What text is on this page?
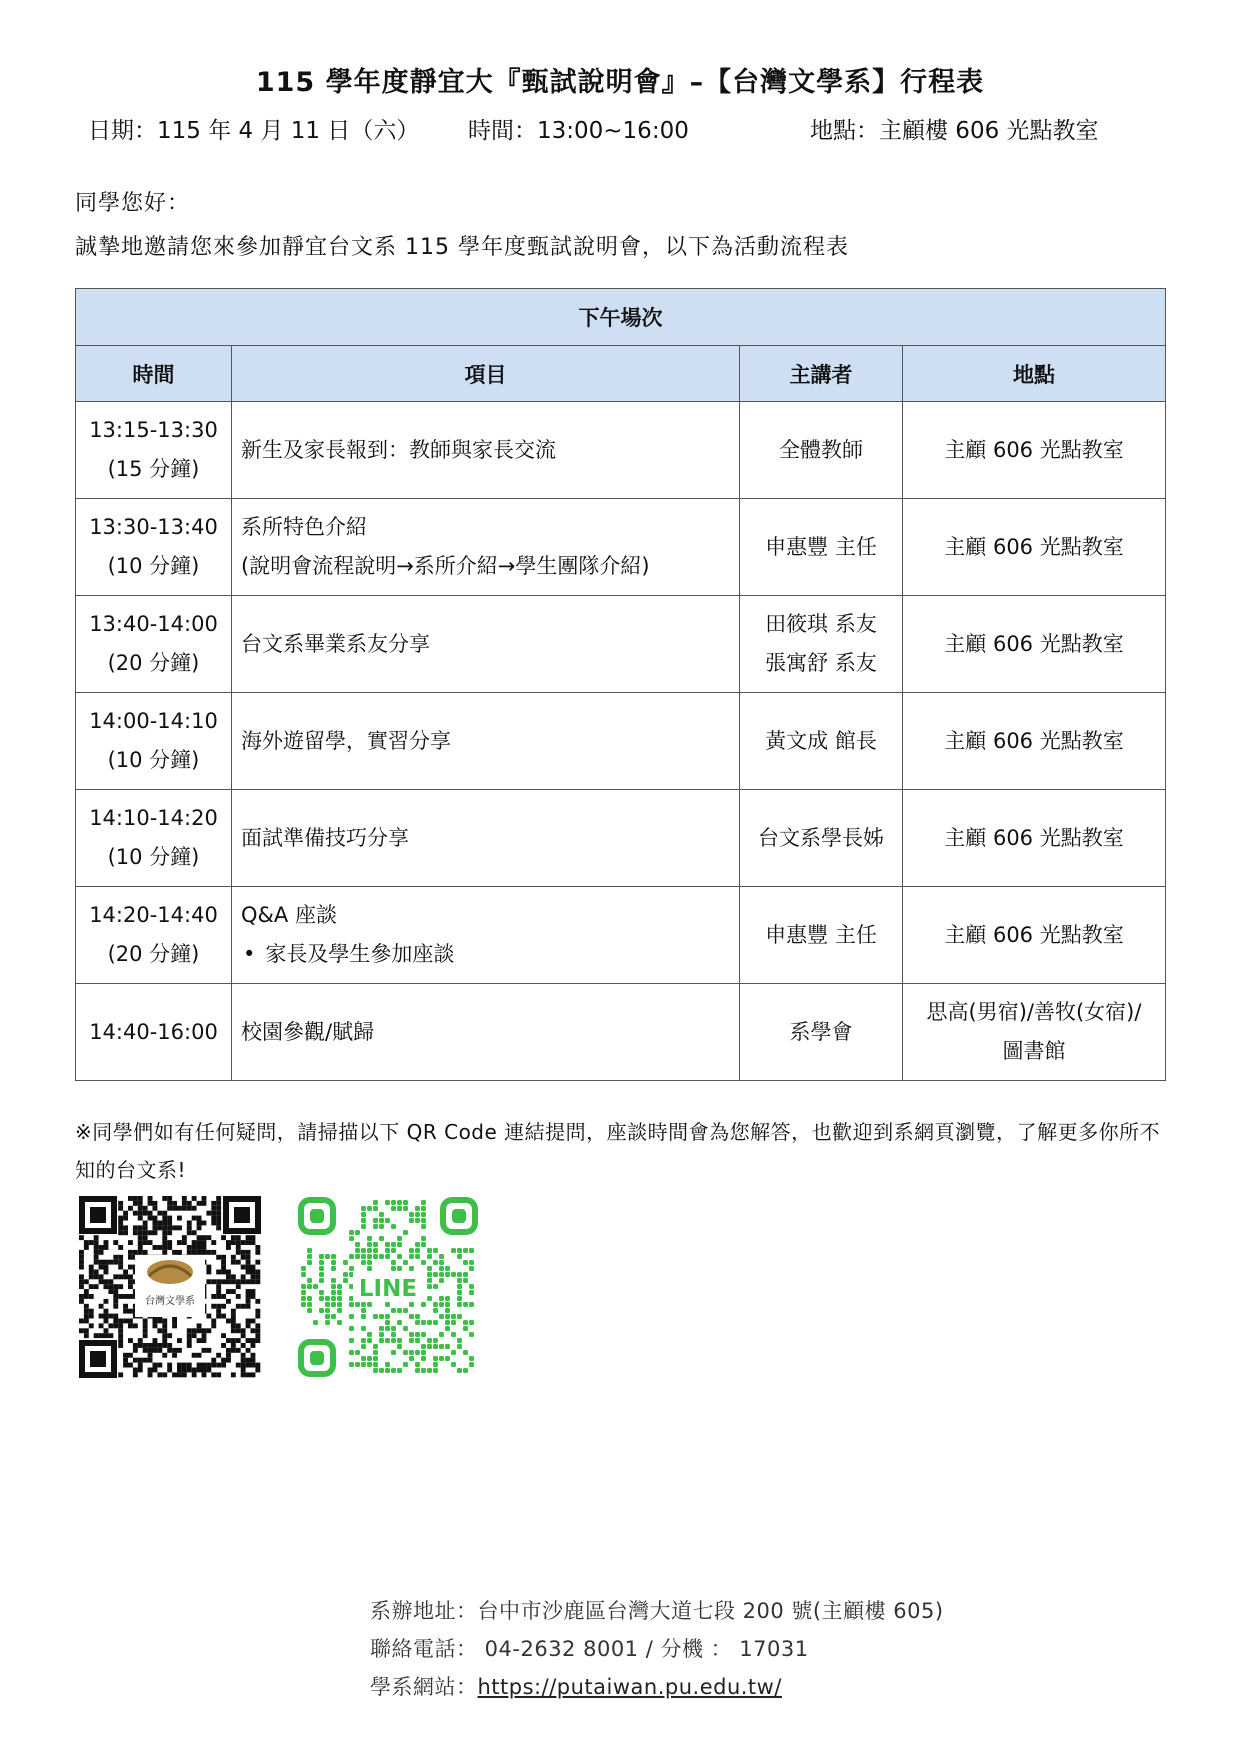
115 學年度靜宜大『甄試說明會』–【台灣文學系】行程表
日期：115 年 4 月 11 日（六） 時間：13:00~16:00	地點：主顧樓 606 光點教室
同學您好：
誠摯地邀請您來參加靜宜台文系 115 學年度甄試說明會，以下為活動流程表
下午場次			
時間	項目	主講者	地點

13:15-13:30
(15 分鐘)	新生及家長報到：教師與家長交流	全體教師	主顧 606 光點教室

13:30-13:40
(10 分鐘)	系所特色介紹
(說明會流程說明→系所介紹→學生團隊介紹)	申惠豐 主任	主顧 606 光點教室

13:40-14:00
(20 分鐘)	台文系畢業系友分享	田筱琪 系友
張寓舒 系友	主顧 606 光點教室

14:00-14:10
(10 分鐘)	海外遊留學，實習分享	黃文成 館長	主顧 606 光點教室

14:10-14:20
(10 分鐘)	面試準備技巧分享	台文系學長姊	主顧 606 光點教室

14:20-14:40
(20 分鐘)	Q&A 座談
• 家長及學生參加座談	申惠豐 主任	主顧 606 光點教室

14:40-16:00	校園參觀/賦歸	系學會	思高(男宿)/善牧(女宿)/
圖書館
※同學們如有任何疑問，請掃描以下 QR Code 連結提問，座談時間會為您解答，也歡迎到系網頁瀏覽，了解更多你所不知的台文系!
台灣文學系	LINE
系辦地址：台中市沙鹿區台灣大道七段 200 號(主顧樓 605)
聯絡電話： 04-2632 8001 / 分機 ： 17031
學系網站：https://putaiwan.pu.edu.tw/
